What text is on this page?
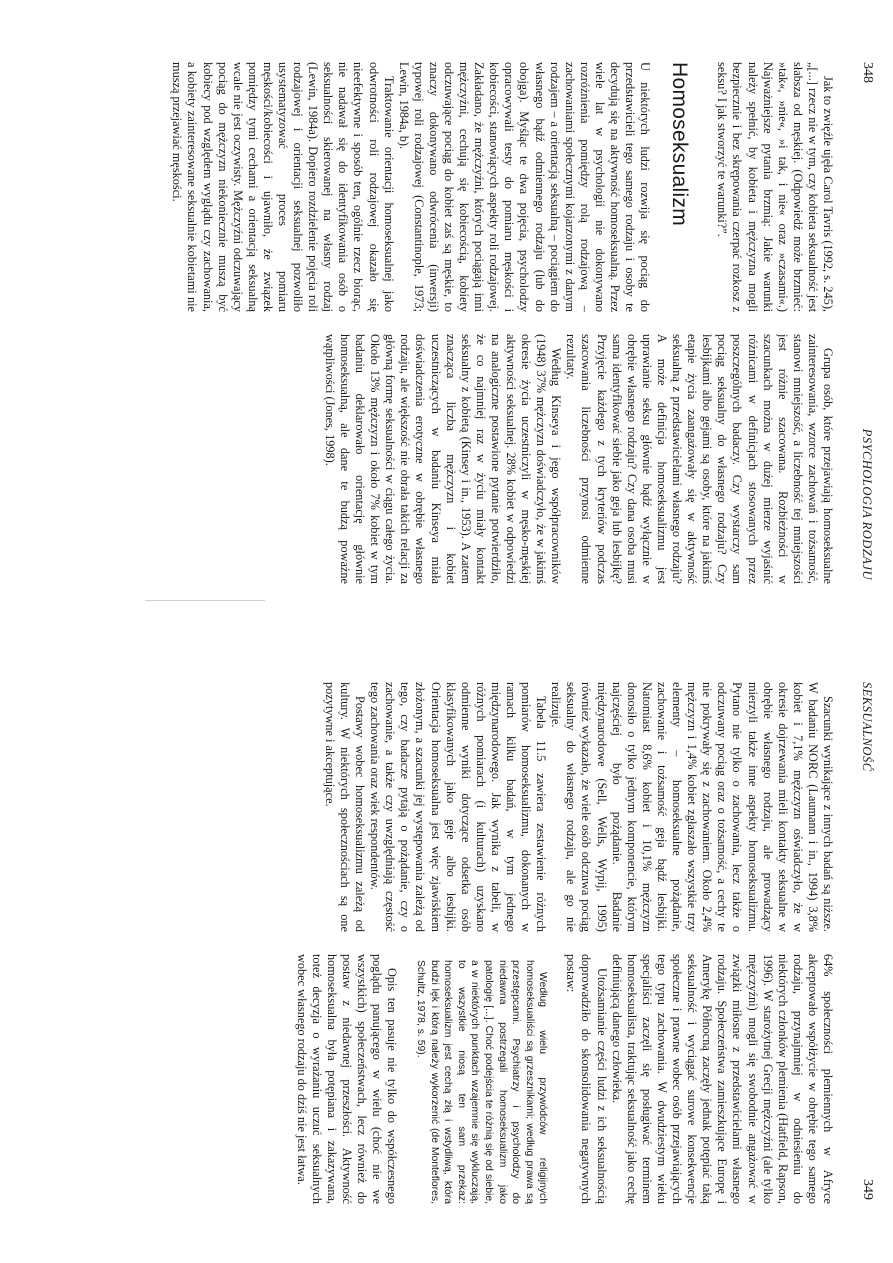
348
PSYCHOLOGIA RODZAJU

Jak to zwięźle ujęła Carol Tavris (1992, s. 245), „[...] rzecz nie w tym, czy kobieta seksualność jest słabsza od męskiej. (Odpowiedź może brzmieć: »tak«, »nie«, »i tak, i nie« oraz »czasami«.) Najważniejsze pytania brzmią: Jakie warunki należy spełnić, by kobieta i mężczyzna mogli bezpiecznie i bez skrępowania czerpać rozkosz z seksu? I jak stworzyć te warunki?”.

Homoseksualizm

U niektórych ludzi rozwija się pociąg do przedstawicieli tego samego rodzaju i osoby te decydują się na aktywność homoseksualną. Przez wiele lat w psychologii nie dokonywano rozróżnienia pomiędzy rolą rodzajową – zachowaniami społecznymi kojarzonymi z danym rodzajem – a orientacją seksualną – pociągiem do własnego bądź odmiennego rodzaju (lub do obojga). Myśląc te dwa pojęcia, psycholodzy opracowywali testy do pomiaru męskości i kobiecości, stanowiących aspekty roli rodzajowej. Zakładano, że mężczyźni, których pociągają inni mężczyźni, cechują się kobiecością, kobiety odczuwające pociąg do kobiet zaś są męskie, to znaczy dokonywano odwrócenia (inwersji) typowej roli rodzajowej (Constantinople, 1973; Lewin, 1984a, b).

Traktowanie orientacji homoseksualnej jako odwrotności roli rodzajowej okazało się nieefektywne i sposób ten, ogólnie rzecz biorąc, nie nadawał się do identyfikowania osób o seksualności skierowanej na własny rodzaj (Lewin, 1984a). Dopiero rozdzielenie pojęcia roli rodzajowej i orientacji seksualnej pozwoliło usystematyzować proces pomiaru męskości/kobiecości i ujawniło, że związek pomiędzy tymi cechami a orientacją seksualną wcale nie jest oczywisty. Mężczyźni odczuwający pociąg do mężczyzn niekoniecznie muszą być kobiecy pod względem wyglądu czy zachowania, a kobiety zainteresowane seksualnie kobietami nie muszą przejawiać męskości.

Grupa osób, które przejawiają homoseksualne zainteresowania, wzorce zachowań i tożsamość, stanowi mniejszość, a liczebność tej mniejszości jest różnie szacowana. Rozbieżności w szacunkach można w dużej mierze wyjaśnić różnicami w definicjach stosowanych przez poszczególnych badaczy. Czy wystarczy sam pociąg seksualny do własnego rodzaju? Czy lesbijkami albo gejami są osoby, które na jakimś etapie życia zaangażowały się w aktywność seksualną z przedstawicielami własnego rodzaju? A może definicja homoseksualizmu jest uprawianie seksu głównie bądź wyłącznie w obrębie własnego rodzaju? Czy dana osoba musi sama identyfikować siebie jako geja lub lesbijkę? Przyjęcie każdego z tych kryteriów podczas szacowania liczebności przynosi odmienne rezultaty.

Według Kinseya i jego współpracowników (1948) 37% mężczyzn doświadczyło, że w jakimś okresie życia uczestniczyli w męsko-męskiej aktywności seksualnej. 28% kobiet w odpowiedzi na analogiczne postawione pytanie potwierdziło, że co najmniej raz w życiu miały kontakt seksualny z kobietą (Kinsey i in., 1953). A zatem znacząca liczba mężczyzn i kobiet uczestniczących w badaniu Kinseya miała doświadczenia erotyczne w obrębie własnego rodzaju, ale większość nie obrała takich relacji za główną formę seksualności w ciągu całego życia. Około 13% mężczyzn i około 7% kobiet w tym badaniu deklarowało orientację głównie homoseksualną, ale dane te budzą poważne wątpliwości (Jones, 1998).

SEKSUALNOŚĆ
349

Szacunki wynikające z innych badań są niższe. W badaniu NORC (Laumann i in., 1994) 3,8% kobiet i 7,1% mężczyzn oświadczyło, że w okresie dojrzewania mieli kontakty seksualne w obrębie własnego rodzaju, ale prowadzący mierzyli także inne aspekty homoseksualizmu. Pytano nie tylko o zachowania, lecz także o odczuwany pociąg oraz o tożsamość, a cechy te nie pokrywały się z zachowaniem. Około 2,4% mężczyzn i 1,4% kobiet zgłaszało wszystkie trzy elementy – homoseksualne pożądanie, zachowanie i tożsamość geja bądź lesbijki. Natomiast 8,6% kobiet i 10,1% mężczyzn donosiło o tylko jednym komponencie, którym najczęściej było pożądanie. Badanie międzynarodowe (Sell, Wells, Wypij, 1995) również wykazało, że wiele osób odczuwa pociąg seksualny do własnego rodzaju, ale go nie realizuje.

Tabela 11.5 zawiera zestawienie różnych pomiarów homoseksualizmu, dokonanych w ramach kilku badań, w tym jednego międzynarodowego. Jak wynika z tabeli, w różnych pomiarach (i kulturach) uzyskano odmienne wyniki dotyczące odsetka osób klasyfikowanych jako geje albo lesbijki. Orientacja homoseksualna jest więc zjawiskiem złożonym, a szacunki jej występowania zależą od tego, czy badacze pytają o pożądanie, czy o zachowanie, a także czy uwzględniają częstość tego zachowania oraz wiek respondentów.

Postawy wobec homoseksualizmu zależą od kultury. W niektórych społecznościach są one pozytywne i akceptujące.

64% społeczności plemiennych w Afryce akceptowało współżycie w obrębie tego samego rodzaju, przynajmniej w odniesieniu do niektórych członków plemienia (Hatfield, Rapson, 1996). W starożytnej Grecji mężczyźni (ale tylko mężczyźni) mogli się swobodnie angażować w związki miłosne z przedstawicielami własnego rodzaju. Społeczeństwa zamieszkujące Europę i Amerykę Północną zaczęły jednak potępiać taką seksualność i wyciągać surowe konsekwencje społeczne i prawne wobec osób przejawiających tego typu zachowania. W dwudziestym wieku specjaliści zaczęli się posługiwać terminem homoseksualista, traktując seksualność jako cechę definiującą danego człowieka.

Utożsamianie części ludzi z ich seksualnością doprowadziło do skonsolidowania negatywnych postaw:

Według wielu przywódców religijnych homoseksualiści są grzesznikami; według prawa są przestępcami. Psychiatrzy i psycholodzy do niedawna postrzegali homoseksualizm jako patologię [...]. Choć podejścia te różnią się od siebie, a w niektórych punktach wzajemnie się wykluczają, to wszystkie niosą ten sam przekaz: homoseksualizm jest cechą złą i wstydliwą, która budzi lęk i którą należy wykorzenić (de Monteflores, Schultz, 1978, s. 59).

Opis ten pasuje nie tylko do współczesnego poglądu panującego w wielu (choć nie we wszystkich) społeczeństwach, lecz również do postaw z niedawnej przeszłości. Aktywność homoseksualna była potępiana i zakazywana, toteż decyzja o wyrażaniu uczuć seksualnych wobec własnego rodzaju do dziś nie jest łatwa.
